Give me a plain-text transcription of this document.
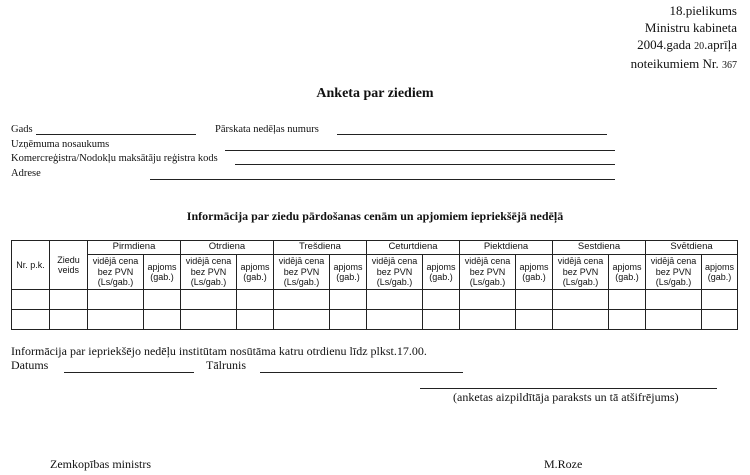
18.pielikums
Ministru kabineta
2004.gada 20.aprīļa
noteikumiem Nr. 367
Anketa par ziediem
Gads	Pārskata nedēļas numurs
Uzņēmuma nosaukums
Komercreģistra/Nodokļu maksātāju reģistra kods
Adrese
Informācija par ziedu pārdošanas cenām un apjomiem iepriekšējā nedēļā
Nr. p.k.	Ziedu veids	Pirmdiena		Otrdiena		Trešdiena		Ceturtdiena		Piektdiena		Sestdiena		Svētdiena	
		vidējā cena bez PVN (Ls/gab.)	apjoms (gab.)	vidējā cena bez PVN (Ls/gab.)	apjoms (gab.)	vidējā cena bez PVN (Ls/gab.)	apjoms (gab.)	vidējā cena bez PVN (Ls/gab.)	apjoms (gab.)	vidējā cena bez PVN (Ls/gab.)	apjoms (gab.)	vidējā cena bez PVN (Ls/gab.)	apjoms (gab.)	vidējā cena bez PVN (Ls/gab.)	apjoms (gab.)

Informācija par iepriekšējo nedēļu institūtam nosūtāma katru otrdienu līdz plkst.17.00.
Datums	Tālrunis
(anketas aizpildītāja paraksts un tā atšifrējums)
Zemkopības ministrs	M.Roze
